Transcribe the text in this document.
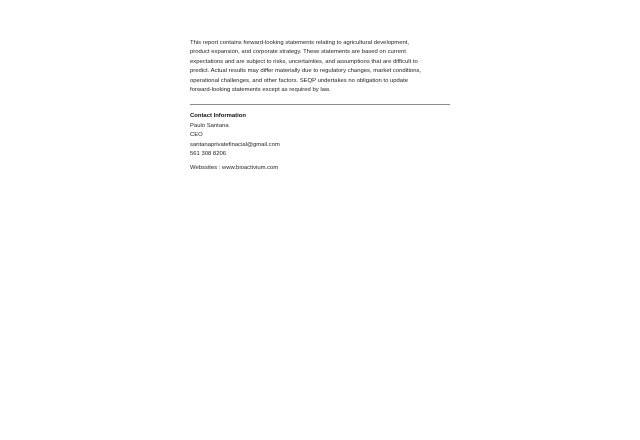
This report contains forward-looking statements relating to agricultural development,
product expansion, and corporate strategy. These statements are based on current
expectations and are subject to risks, uncertainties, and assumptions that are difficult to
predict. Actual results may differ materially due to regulatory changes, market conditions,
operational challenges, and other factors. SEQP undertakes no obligation to update
forward-looking statements except as required by law.

Contact Information
Paulo Santana
CEO
santanaprivatefinacial@gmail.com
561 308 8206
Webssites : www.bioactivium.com
